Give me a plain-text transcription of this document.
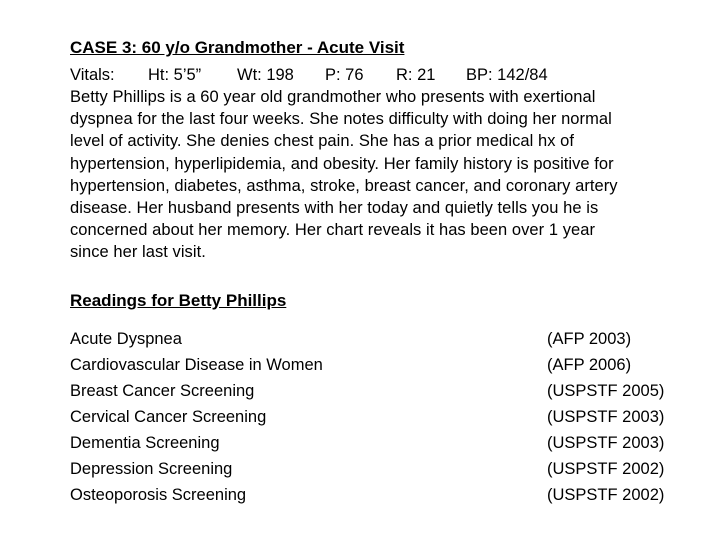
CASE 3: 60 y/o Grandmother - Acute Visit
Vitals:	Ht: 5’5”	Wt: 198	P: 76	R: 21	BP: 142/84
Betty Phillips is a 60 year old grandmother who presents with exertional
dyspnea for the last four weeks. She notes difficulty with doing her normal
level of activity. She denies chest pain. She has a prior medical hx of
hypertension, hyperlipidemia, and obesity. Her family history is positive for
hypertension, diabetes, asthma, stroke, breast cancer, and coronary artery
disease. Her husband presents with her today and quietly tells you he is
concerned about her memory. Her chart reveals it has been over 1 year
since her last visit.
Readings for Betty Phillips
Acute Dyspnea	(AFP 2003)
Cardiovascular Disease in Women	(AFP 2006)
Breast Cancer Screening	(USPSTF 2005)
Cervical Cancer Screening	(USPSTF 2003)
Dementia Screening	(USPSTF 2003)
Depression Screening	(USPSTF 2002)
Osteoporosis Screening	(USPSTF 2002)
